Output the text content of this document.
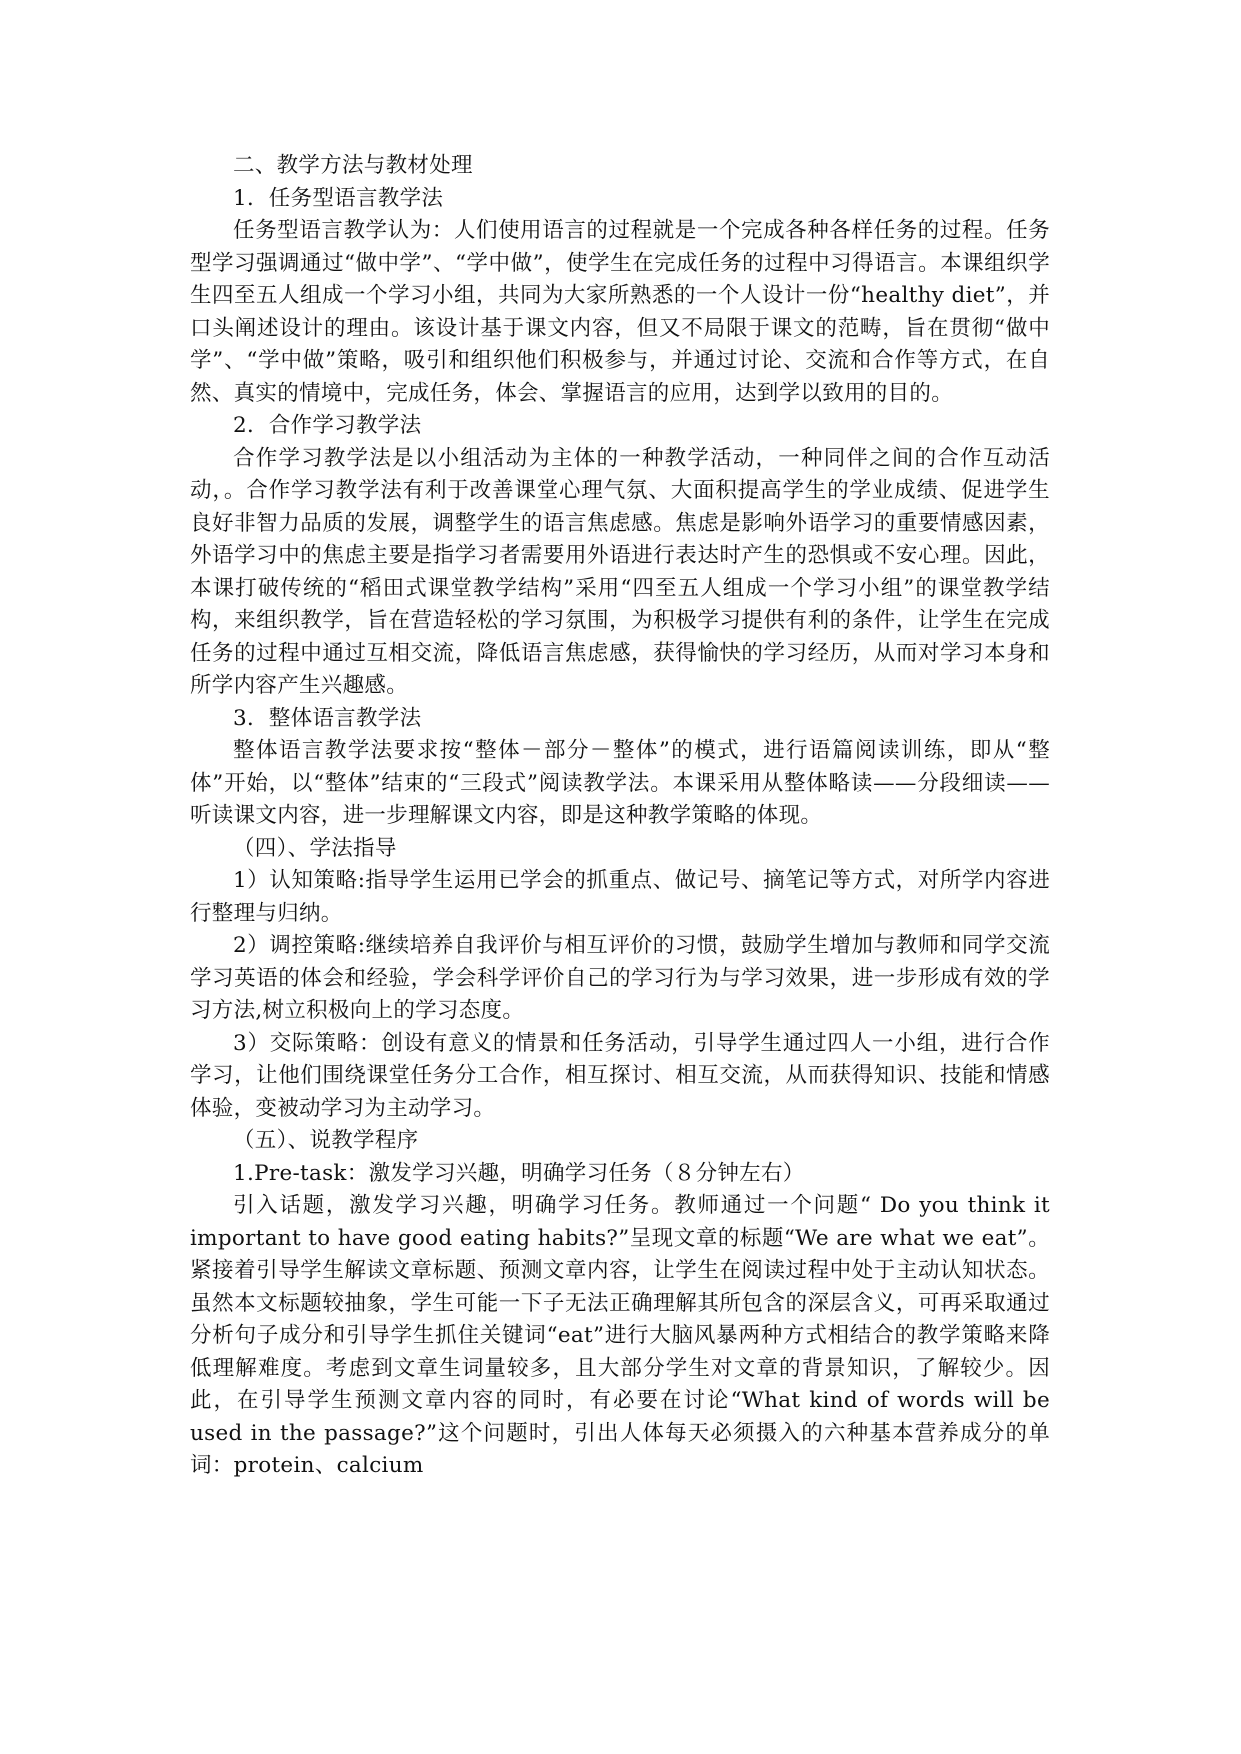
二、教学方法与教材处理

1．任务型语言教学法

任务型语言教学认为：人们使用语言的过程就是一个完成各种各样任务的过程。任务型学习强调通过“做中学”、“学中做”，使学生在完成任务的过程中习得语言。本课组织学生四至五人组成一个学习小组，共同为大家所熟悉的一个人设计一份“healthy diet”，并口头阐述设计的理由。该设计基于课文内容，但又不局限于课文的范畴，旨在贯彻“做中学”、“学中做”策略，吸引和组织他们积极参与，并通过讨论、交流和合作等方式，在自然、真实的情境中，完成任务，体会、掌握语言的应用，达到学以致用的目的。

2．合作学习教学法

合作学习教学法是以小组活动为主体的一种教学活动，一种同伴之间的合作互动活动，。合作学习教学法有利于改善课堂心理气氛、大面积提高学生的学业成绩、促进学生良好非智力品质的发展，调整学生的语言焦虑感。焦虑是影响外语学习的重要情感因素，外语学习中的焦虑主要是指学习者需要用外语进行表达时产生的恐惧或不安心理。因此，本课打破传统的“稻田式课堂教学结构”采用“四至五人组成一个学习小组”的课堂教学结构，来组织教学，旨在营造轻松的学习氛围，为积极学习提供有利的条件，让学生在完成任务的过程中通过互相交流，降低语言焦虑感，获得愉快的学习经历，从而对学习本身和所学内容产生兴趣感。

3．整体语言教学法

整体语言教学法要求按“整体－部分－整体”的模式，进行语篇阅读训练，即从“整体”开始，以“整体”结束的“三段式”阅读教学法。本课采用从整体略读——分段细读——听读课文内容，进一步理解课文内容，即是这种教学策略的体现。

（四）、学法指导

1）认知策略:指导学生运用已学会的抓重点、做记号、摘笔记等方式，对所学内容进行整理与归纳。

2）调控策略:继续培养自我评价与相互评价的习惯，鼓励学生增加与教师和同学交流学习英语的体会和经验，学会科学评价自己的学习行为与学习效果，进一步形成有效的学习方法,树立积极向上的学习态度。

3）交际策略：创设有意义的情景和任务活动，引导学生通过四人一小组，进行合作学习，让他们围绕课堂任务分工合作，相互探讨、相互交流，从而获得知识、技能和情感体验，变被动学习为主动学习。

（五）、说教学程序

1.Pre-task：激发学习兴趣，明确学习任务（８分钟左右）

引入话题，激发学习兴趣，明确学习任务。教师通过一个问题“ Do you think it important to have good eating habits?”呈现文章的标题“We are what we eat”。紧接着引导学生解读文章标题、预测文章内容，让学生在阅读过程中处于主动认知状态。虽然本文标题较抽象，学生可能一下子无法正确理解其所包含的深层含义，可再采取通过分析句子成分和引导学生抓住关键词“eat”进行大脑风暴两种方式相结合的教学策略来降低理解难度。考虑到文章生词量较多，且大部分学生对文章的背景知识，了解较少。因此，在引导学生预测文章内容的同时，有必要在讨论“What kind of words will be used in the passage?”这个问题时，引出人体每天必须摄入的六种基本营养成分的单词：protein、calcium
